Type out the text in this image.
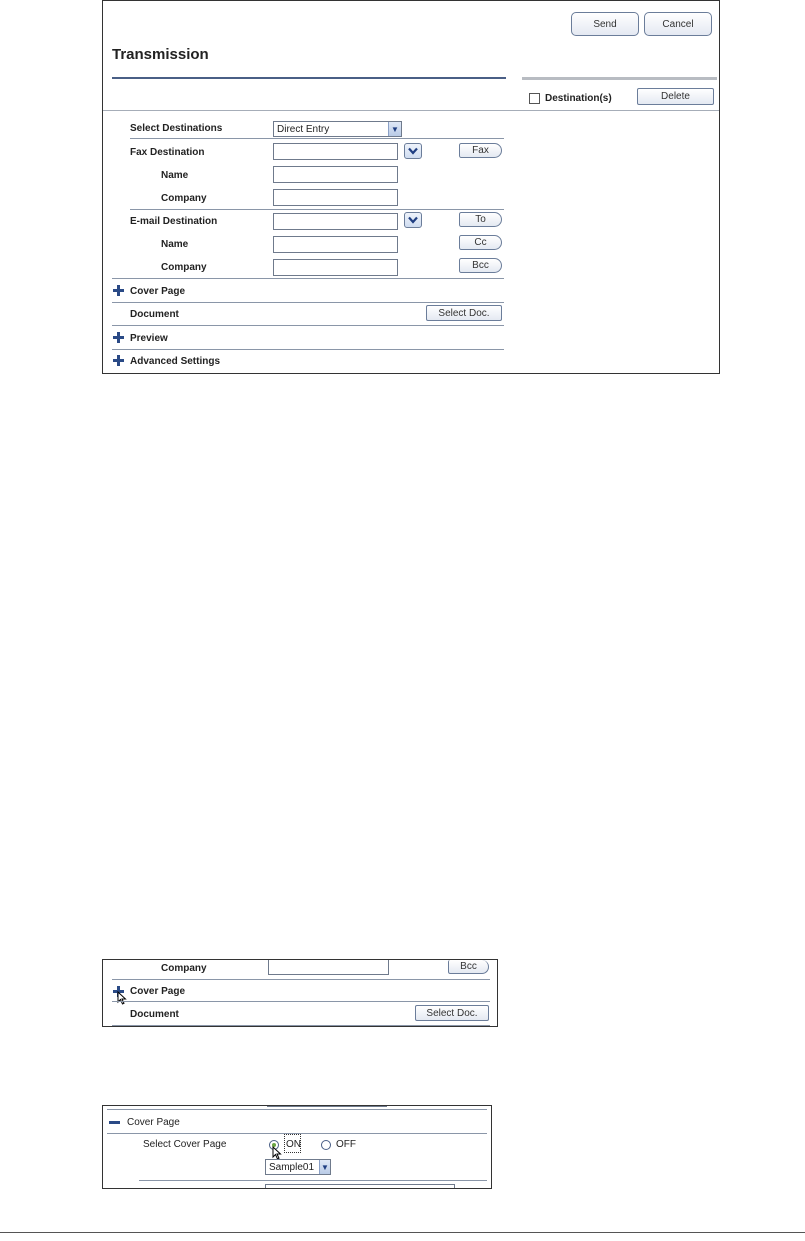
Send	Cancel
Transmission
Destination(s)	Delete
Select Destinations	Direct Entry	▼
Fax Destination	Fax
Name
Company
E-mail Destination	To
Name	Cc
Company	Bcc
Cover Page
Document	Select Doc.
Preview
Advanced Settings
Company	Bcc
Cover Page
Document	Select Doc.
Cover Page
Select Cover Page	ON	OFF
Sample01 ▼
